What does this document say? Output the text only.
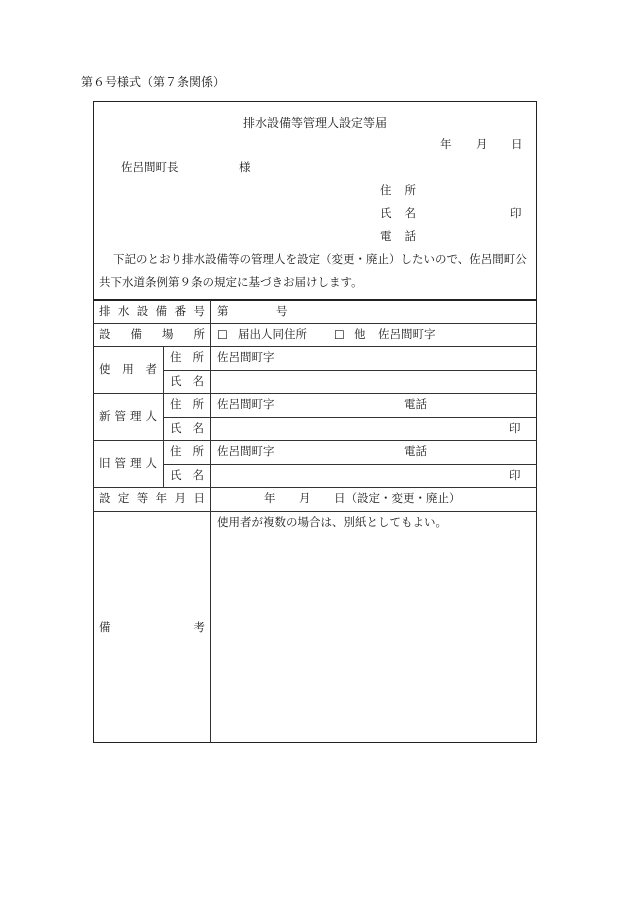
第６号様式（第７条関係）
排水設備等管理人設定等届
年 月 日
佐呂間町長	様
住 所
氏 名	印
電 話
下記のとおり排水設備等の管理人を設定（変更・廃止）したいので、佐呂間町公
共下水道条例第９条の規定に基づきお届けします。
排 水 設 備 番 号 第	号
設 備 場 所 ☐ 届出人同住所 ☐ 他 佐呂間町字
使 用 者
住 所 佐呂間町字
氏 名
新 管 理 人
住 所 佐呂間町字	電話
氏 名	印
旧 管 理 人
住 所 佐呂間町字	電話
氏 名	印
設 定 等 年 月 日	年 月 日（設定・変更・廃止）
備	考
使用者が複数の場合は、別紙としてもよい。
